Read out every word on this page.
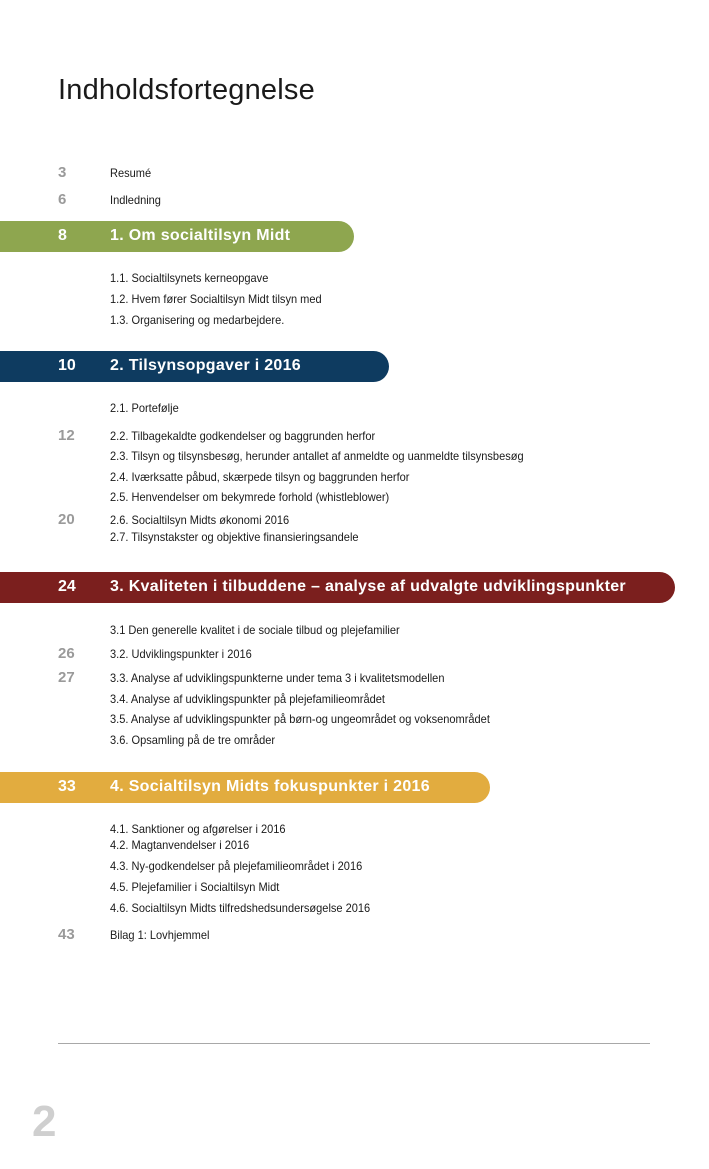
Indholdsfortegnelse
3	Resumé
6	Indledning
8	1. Om socialtilsyn Midt
1.1. Socialtilsynets kerneopgave
1.2. Hvem fører Socialtilsyn Midt tilsyn med
1.3. Organisering og medarbejdere.
10 2. Tilsynsopgaver i 2016
2.1. Portefølje
12	2.2. Tilbagekaldte godkendelser og baggrunden herfor
2.3. Tilsyn og tilsynsbesøg, herunder antallet af anmeldte og uanmeldte tilsynsbesøg
2.4. Iværksatte påbud, skærpede tilsyn og baggrunden herfor
2.5. Henvendelser om bekymrede forhold (whistleblower)
20	2.6. Socialtilsyn Midts økonomi 2016
2.7. Tilsynstakster og objektive finansieringsandele
24 3. Kvaliteten i tilbuddene – analyse af udvalgte udviklingspunkter
3.1 Den generelle kvalitet i de sociale tilbud og plejefamilier
26	3.2. Udviklingspunkter i 2016
27	3.3. Analyse af udviklingspunkterne under tema 3 i kvalitetsmodellen
3.4. Analyse af udviklingspunkter på plejefamilieområdet
3.5. Analyse af udviklingspunkter på børn-og ungeområdet og voksenområdet
3.6. Opsamling på de tre områder
33 4. Socialtilsyn Midts fokuspunkter i 2016
4.1. Sanktioner og afgørelser i 2016
4.2. Magtanvendelser i 2016
4.3. Ny-godkendelser på plejefamilieområdet i 2016
4.5. Plejefamilier i Socialtilsyn Midt
4.6. Socialtilsyn Midts tilfredshedsundersøgelse 2016
43	Bilag 1: Lovhjemmel
2
